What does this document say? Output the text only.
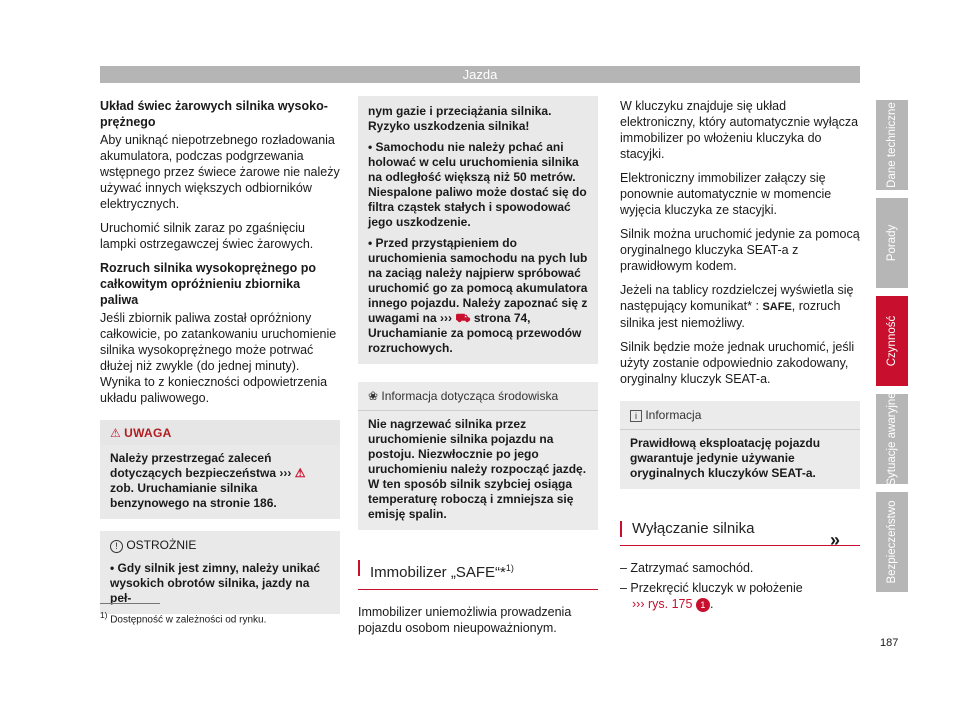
Jazda
Układ świec żarowych silnika wysoko-prężnego

Aby uniknąć niepotrzebnego rozładowania akumulatora, podczas podgrzewania wstępnego przez świece żarowe nie należy używać innych większych odbiorników elektrycznych.

Uruchomić silnik zaraz po zgaśnięciu lampki ostrzegawczej świec żarowych.

Rozruch silnika wysokoprężnego po całkowitym opróżnieniu zbiornika paliwa

Jeśli zbiornik paliwa został opróżniony całkowicie, po zatankowaniu uruchomienie silnika wysokoprężnego może potrwać dłużej niż zwykle (do jednej minuty). Wynika to z konieczności odpowietrzenia układu paliwowego.

⚠ UWAGA
Należy przestrzegać zaleceń dotyczących bezpieczeństwa ››› ⚠ zob. Uruchamianie silnika benzynowego na stronie 186.
! OSTROŻNIE
• Gdy silnik jest zimny, należy unikać wysokich obrotów silnika, jazdy na peł-

nym gazie i przeciążania silnika. Ryzyko uszkodzenia silnika!

• Samochodu nie należy pchać ani holować w celu uruchomienia silnika na odległość większą niż 50 metrów. Niespalone paliwo może dostać się do filtra cząstek stałych i spowodować jego uszkodzenie.

• Przed przystąpieniem do uruchomienia samochodu na pych lub na zaciąg należy najpierw spróbować uruchomić go za pomocą akumulatora innego pojazdu. Należy zapoznać się z uwagami na ››› ⛟ strona 74, Uruchamianie za pomocą przewodów rozruchowych.

❀ Informacja dotycząca środowiska
Nie nagrzewać silnika przez uruchomienie silnika pojazdu na postoju. Niezwłocznie po jego uruchomieniu należy rozpocząć jazdę. W ten sposób silnik szybciej osiąga temperaturę roboczą i zmniejsza się emisję spalin.
Immobilizer „SAFE“*$^{1)}$

Immobilizer uniemożliwia prowadzenia pojazdu osobom nieupoważnionym.

W kluczyku znajduje się układ elektroniczny, który automatycznie wyłącza immobilizer po włożeniu kluczyka do stacyjki.

Elektroniczny immobilizer załączy się ponownie automatycznie w momencie wyjęcia kluczyka ze stacyjki.

Silnik można uruchomić jedynie za pomocą oryginalnego kluczyka SEAT-a z prawidłowym kodem.

Jeżeli na tablicy rozdzielczej wyświetla się następujący komunikat* : SAFE, rozruch silnika jest niemożliwy.

Silnik będzie może jednak uruchomić, jeśli użyty zostanie odpowiednio zakodowany, oryginalny kluczyk SEAT-a.

i Informacja
Prawidłową eksploatację pojazdu gwarantuje jedynie używanie oryginalnych kluczyków SEAT-a.
Wyłączanie silnika

– Zatrzymać samochód.

– Przekręcić kluczyk w położenie
››› rys. 175 1 .

»
Dane techniczne
Porady
Czynność
Sytuacje awaryjne
Bezpieczeństwo
$^{1)}$ Dostępność w zależności od rynku.
187
